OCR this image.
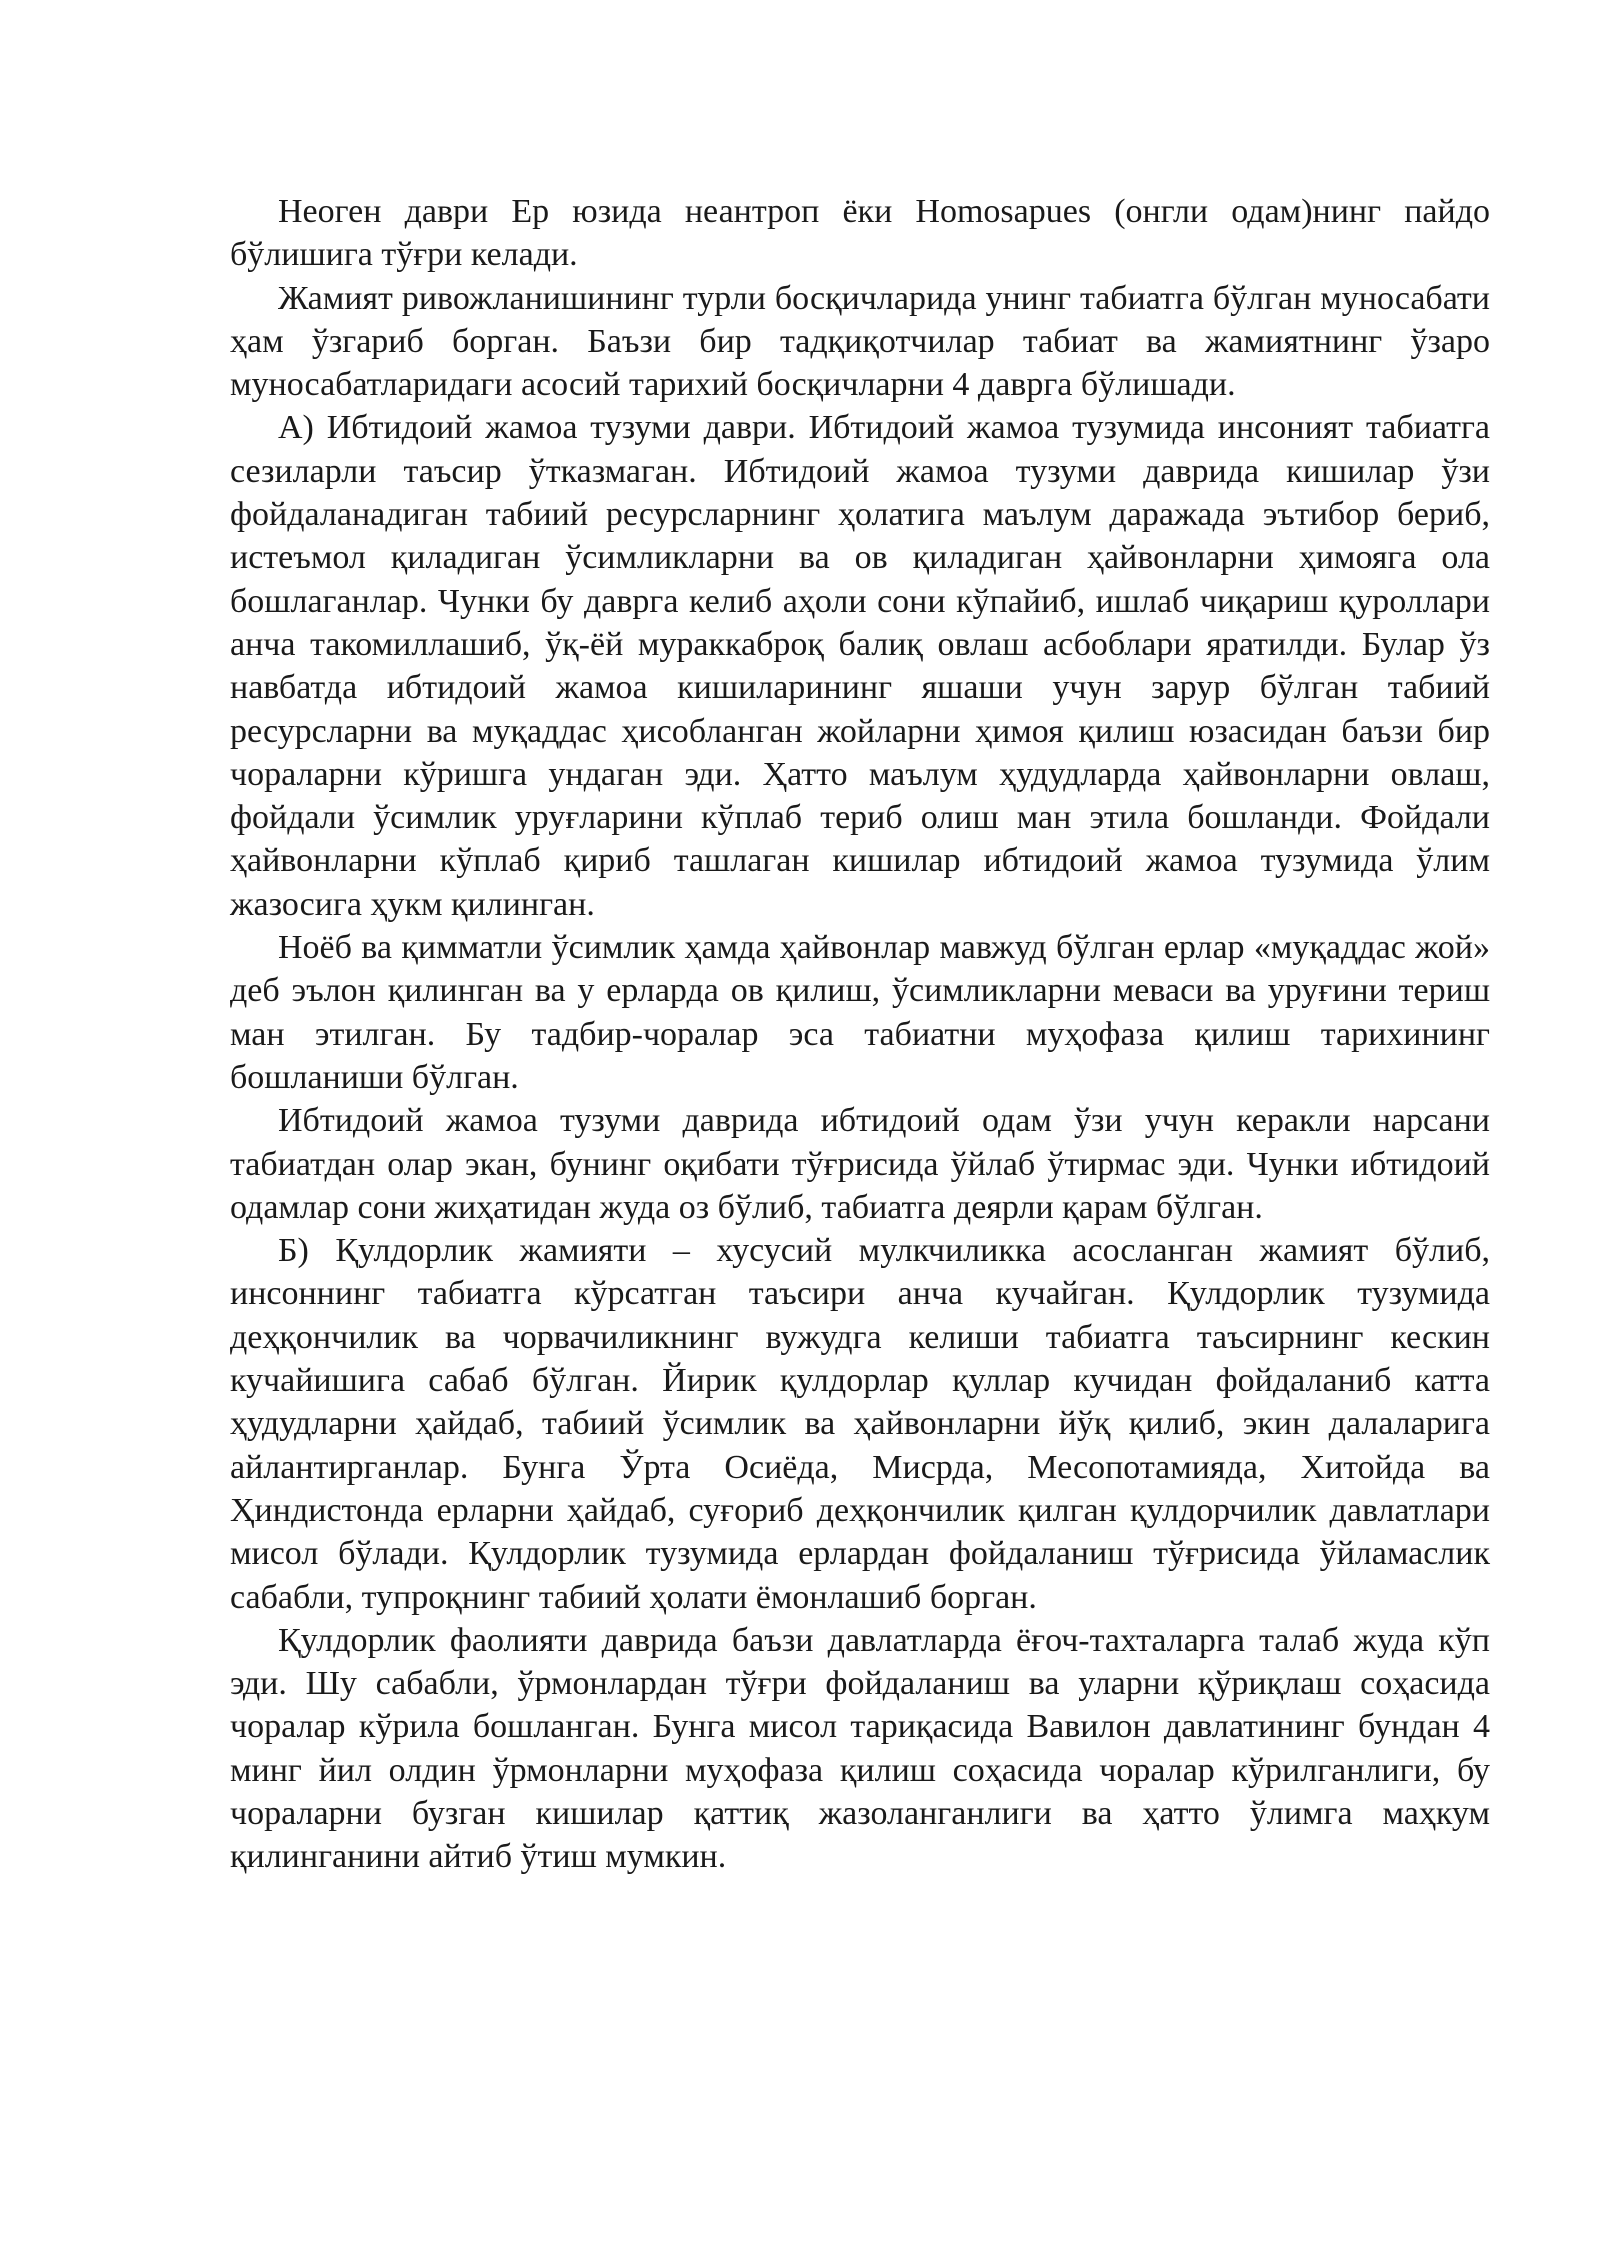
Неоген даври Ер юзида неантроп ёки Homosapues (онгли одам)нинг пайдо бўлишига тўғри келади.

Жамият ривожланишининг турли босқичларида унинг табиатга бўлган муносабати ҳам ўзгариб борган. Баъзи бир тадқиқотчилар табиат ва жамиятнинг ўзаро муносабатларидаги асосий тарихий босқичларни 4 даврга бўлишади.

А) Ибтидоий жамоа тузуми даври. Ибтидоий жамоа тузумида инсоният табиатга сезиларли таъсир ўтказмаган. Ибтидоий жамоа тузуми даврида кишилар ўзи фойдаланадиган табиий ресурсларнинг ҳолатига маълум даражада эътибор бериб, истеъмол қиладиган ўсимликларни ва ов қиладиган ҳайвонларни ҳимояга ола бошлаганлар. Чунки бу даврга келиб аҳоли сони кўпайиб, ишлаб чиқариш қуроллари анча такомиллашиб, ўқ-ёй мураккаброқ балиқ овлаш асбоблари яратилди. Булар ўз навбатда ибтидоий жамоа кишиларининг яшаши учун зарур бўлган табиий ресурсларни ва муқаддас ҳисобланган жойларни ҳимоя қилиш юзасидан баъзи бир чораларни кўришга ундаган эди. Ҳатто маълум ҳудудларда ҳайвонларни овлаш, фойдали ўсимлик уруғларини кўплаб териб олиш ман этила бошланди. Фойдали ҳайвонларни кўплаб қириб ташлаган кишилар ибтидоий жамоа тузумида ўлим жазосига ҳукм қилинган.

Ноёб ва қимматли ўсимлик ҳамда ҳайвонлар мавжуд бўлган ерлар «муқаддас жой» деб эълон қилинган ва у ерларда ов қилиш, ўсимликларни меваси ва уруғини териш ман этилган. Бу тадбир-чоралар эса табиатни муҳофаза қилиш тарихининг бошланиши бўлган.

Ибтидоий жамоа тузуми даврида ибтидоий одам ўзи учун керакли нарсани табиатдан олар экан, бунинг оқибати тўғрисида ўйлаб ўтирмас эди. Чунки ибтидоий одамлар сони жиҳатидан жуда оз бўлиб, табиатга деярли қарам бўлган.

Б) Қулдорлик жамияти – хусусий мулкчиликка асосланган жамият бўлиб, инсоннинг табиатга кўрсатган таъсири анча кучайган. Қулдорлик тузумида деҳқончилик ва чорвачиликнинг вужудга келиши табиатга таъсирнинг кескин кучайишига сабаб бўлган. Йирик қулдорлар қуллар кучидан фойдаланиб катта ҳудудларни ҳайдаб, табиий ўсимлик ва ҳайвонларни йўқ қилиб, экин далаларига айлантирганлар. Бунга Ўрта Осиёда, Мисрда, Месопотамияда, Хитойда ва Ҳиндистонда ерларни ҳайдаб, суғориб деҳқончилик қилган қулдорчилик давлатлари мисол бўлади. Қулдорлик тузумида ерлардан фойдаланиш тўғрисида ўйламаслик сабабли, тупроқнинг табиий ҳолати ёмонлашиб борган.

Қулдорлик фаолияти даврида баъзи давлатларда ёғоч-тахталарга талаб жуда кўп эди. Шу сабабли, ўрмонлардан тўғри фойдаланиш ва уларни қўриқлаш соҳасида чоралар кўрила бошланган. Бунга мисол тариқасида Вавилон давлатининг бундан 4 минг йил олдин ўрмонларни муҳофаза қилиш соҳасида чоралар кўрилганлиги, бу чораларни бузган кишилар қаттиқ жазоланганлиги ва ҳатто ўлимга маҳкум қилинганини айтиб ўтиш мумкин.
